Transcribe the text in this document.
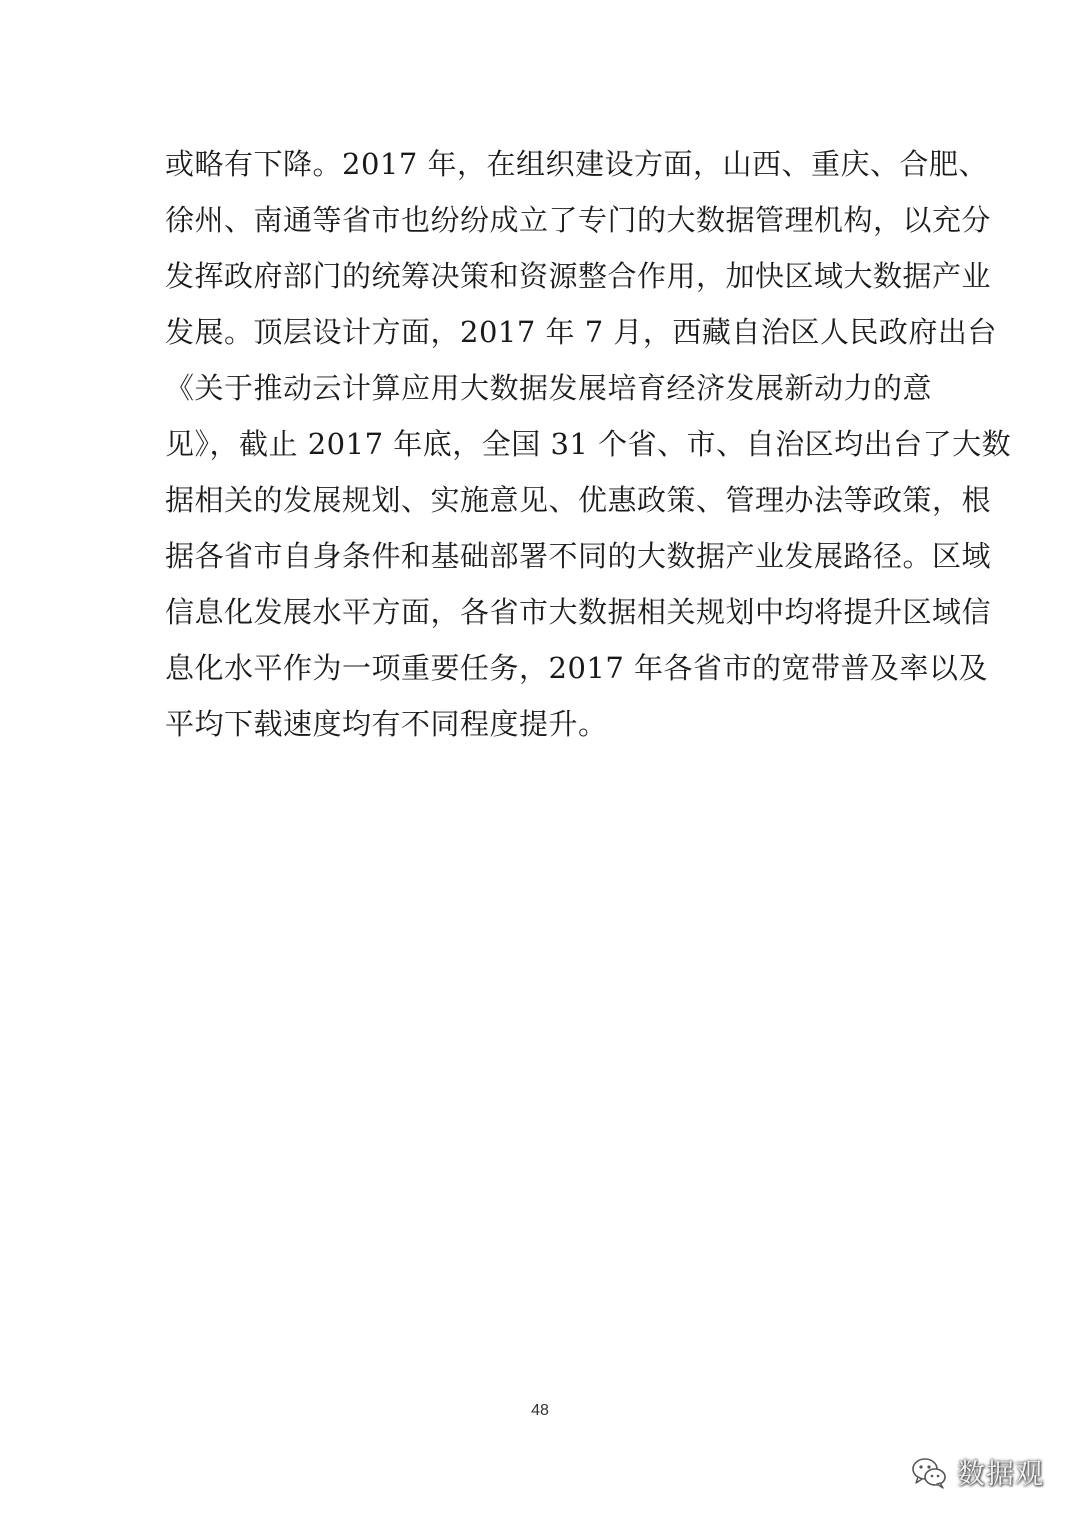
或略有下降。2017 年，在组织建设方面，山西、重庆、合肥、
徐州、南通等省市也纷纷成立了专门的大数据管理机构，以充分
发挥政府部门的统筹决策和资源整合作用，加快区域大数据产业
发展。顶层设计方面，2017 年 7 月，西藏自治区人民政府出台
《关于推动云计算应用大数据发展培育经济发展新动力的意
见》，截止 2017 年底，全国 31 个省、市、自治区均出台了大数
据相关的发展规划、实施意见、优惠政策、管理办法等政策，根
据各省市自身条件和基础部署不同的大数据产业发展路径。区域
信息化发展水平方面，各省市大数据相关规划中均将提升区域信
息化水平作为一项重要任务，2017 年各省市的宽带普及率以及
平均下载速度均有不同程度提升。
48
数据观
